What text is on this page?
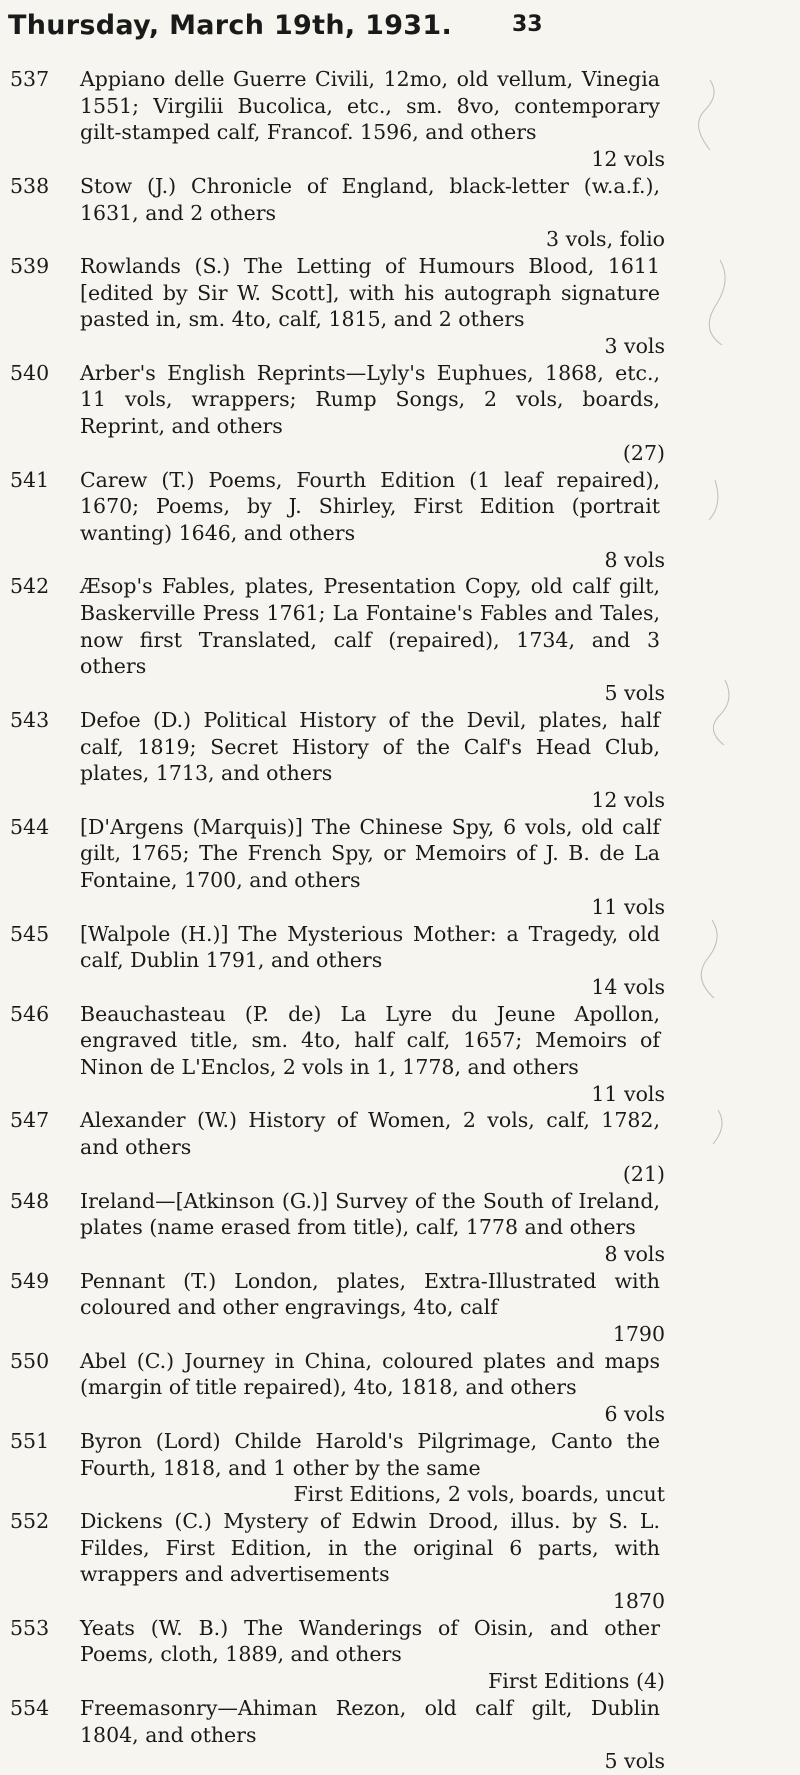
Thursday, March 19th, 1931.	33
537 Appiano delle Guerre Civili, 12mo, old vellum, Vinegia 1551; Virgilii Bucolica, etc., sm. 8vo, contemporary gilt-stamped calf, Francof. 1596, and others
12 vols
538 Stow (J.) Chronicle of England, black-letter (w.a.f.), 1631, and 2 others
3 vols, folio
539 Rowlands (S.) The Letting of Humours Blood, 1611 [edited by Sir W. Scott], with his autograph signature pasted in, sm. 4to, calf, 1815, and 2 others
3 vols
540 Arber's English Reprints—Lyly's Euphues, 1868, etc., 11 vols, wrappers; Rump Songs, 2 vols, boards, Reprint, and others
(27)
541 Carew (T.) Poems, Fourth Edition (1 leaf repaired), 1670; Poems, by J. Shirley, First Edition (portrait wanting) 1646, and others
8 vols
542 Æsop's Fables, plates, Presentation Copy, old calf gilt, Baskerville Press 1761; La Fontaine's Fables and Tales, now first Translated, calf (repaired), 1734, and 3 others
5 vols
543 Defoe (D.) Political History of the Devil, plates, half calf, 1819; Secret History of the Calf's Head Club, plates, 1713, and others
12 vols
544 [D'Argens (Marquis)] The Chinese Spy, 6 vols, old calf gilt, 1765; The French Spy, or Memoirs of J. B. de La Fontaine, 1700, and others
11 vols
545 [Walpole (H.)] The Mysterious Mother: a Tragedy, old calf, Dublin 1791, and others
14 vols
546 Beauchasteau (P. de) La Lyre du Jeune Apollon, engraved title, sm. 4to, half calf, 1657; Memoirs of Ninon de L'Enclos, 2 vols in 1, 1778, and others
11 vols
547 Alexander (W.) History of Women, 2 vols, calf, 1782, and others
(21)
548 Ireland—[Atkinson (G.)] Survey of the South of Ireland, plates (name erased from title), calf, 1778 and others
8 vols
549 Pennant (T.) London, plates, Extra-Illustrated with coloured and other engravings, 4to, calf
1790
550 Abel (C.) Journey in China, coloured plates and maps (margin of title repaired), 4to, 1818, and others
6 vols
551 Byron (Lord) Childe Harold's Pilgrimage, Canto the Fourth, 1818, and 1 other by the same
First Editions, 2 vols, boards, uncut
552 Dickens (C.) Mystery of Edwin Drood, illus. by S. L. Fildes, First Edition, in the original 6 parts, with wrappers and advertisements
1870
553 Yeats (W. B.) The Wanderings of Oisin, and other Poems, cloth, 1889, and others
First Editions (4)
554 Freemasonry—Ahiman Rezon, old calf gilt, Dublin 1804, and others
5 vols
